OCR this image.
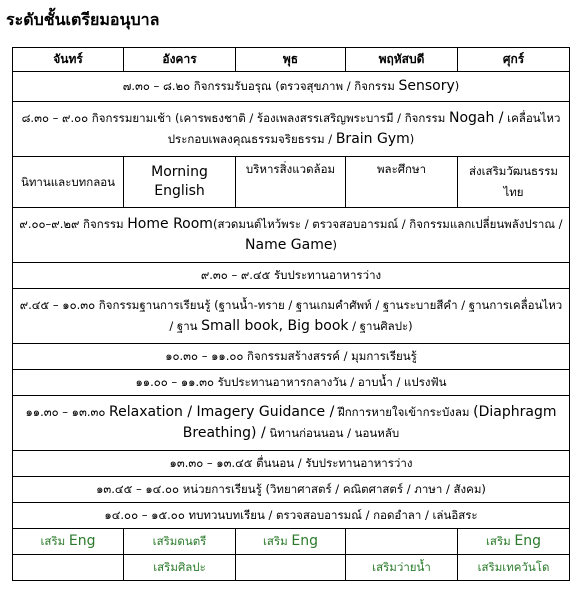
ระดับชั้นเตรียมอนุบาล
จันทร์	อังคาร	พุธ	พฤหัสบดี	ศุกร์
๗.๓๐ – ๘.๒๐ กิจกรรมรับอรุณ (ตรวจสุขภาพ / กิจกรรม Sensory)				
๘.๓๐ – ๙.๐๐ กิจกรรมยามเช้า (เคารพธงชาติ / ร้องเพลงสรรเสริญพระบารมี / กิจกรรม Nogah / เคลื่อนไหวประกอบเพลงคุณธรรมจริยธรรม / Brain Gym)				
นิทานและบทกลอน	Morning English	บริหารสิ่งแวดล้อม	พละศึกษา	ส่งเสริมวัฒนธรรมไทย
๙.๐๐–๙.๒๙ กิจกรรม Home Room(สวดมนต์ไหว้พระ / ตรวจสอบอารมณ์ / กิจกรรมแลกเปลี่ยนพลังปราณ / Name Game)				
๙.๓๐ – ๙.๔๕ รับประทานอาหารว่าง				
๙.๔๕ – ๑๐.๓๐ กิจกรรมฐานการเรียนรู้ (ฐานน้ำ-ทราย / ฐานเกมคำศัพท์ / ฐานระบายสีคำ / ฐานการเคลื่อนไหว / ฐาน Small book, Big book / ฐานศิลปะ)				
๑๐.๓๐ – ๑๑.๐๐ กิจกรรมสร้างสรรค์ / มุมการเรียนรู้				
๑๑.๐๐ – ๑๑.๓๐ รับประทานอาหารกลางวัน / อาบน้ำ / แปรงฟัน				
๑๑.๓๐ – ๑๓.๓๐ Relaxation / Imagery Guidance / ฝึกการหายใจเข้ากระบังลม (Diaphragm Breathing) / นิทานก่อนนอน / นอนหลับ				
๑๓.๓๐ – ๑๓.๔๕ ตื่นนอน / รับประทานอาหารว่าง				
๑๓.๔๕ – ๑๔.๐๐ หน่วยการเรียนรู้ (วิทยาศาสตร์ / คณิตศาสตร์ / ภาษา / สังคม)				
๑๔.๐๐ – ๑๕.๐๐ ทบทวนบทเรียน / ตรวจสอบอารมณ์ / กอดอำลา / เล่นอิสระ				
เสริม Eng	เสริมดนตรี	เสริม Eng		เสริม Eng
	เสริมศิลปะ		เสริมว่ายน้ำ	เสริมเทควันโด
